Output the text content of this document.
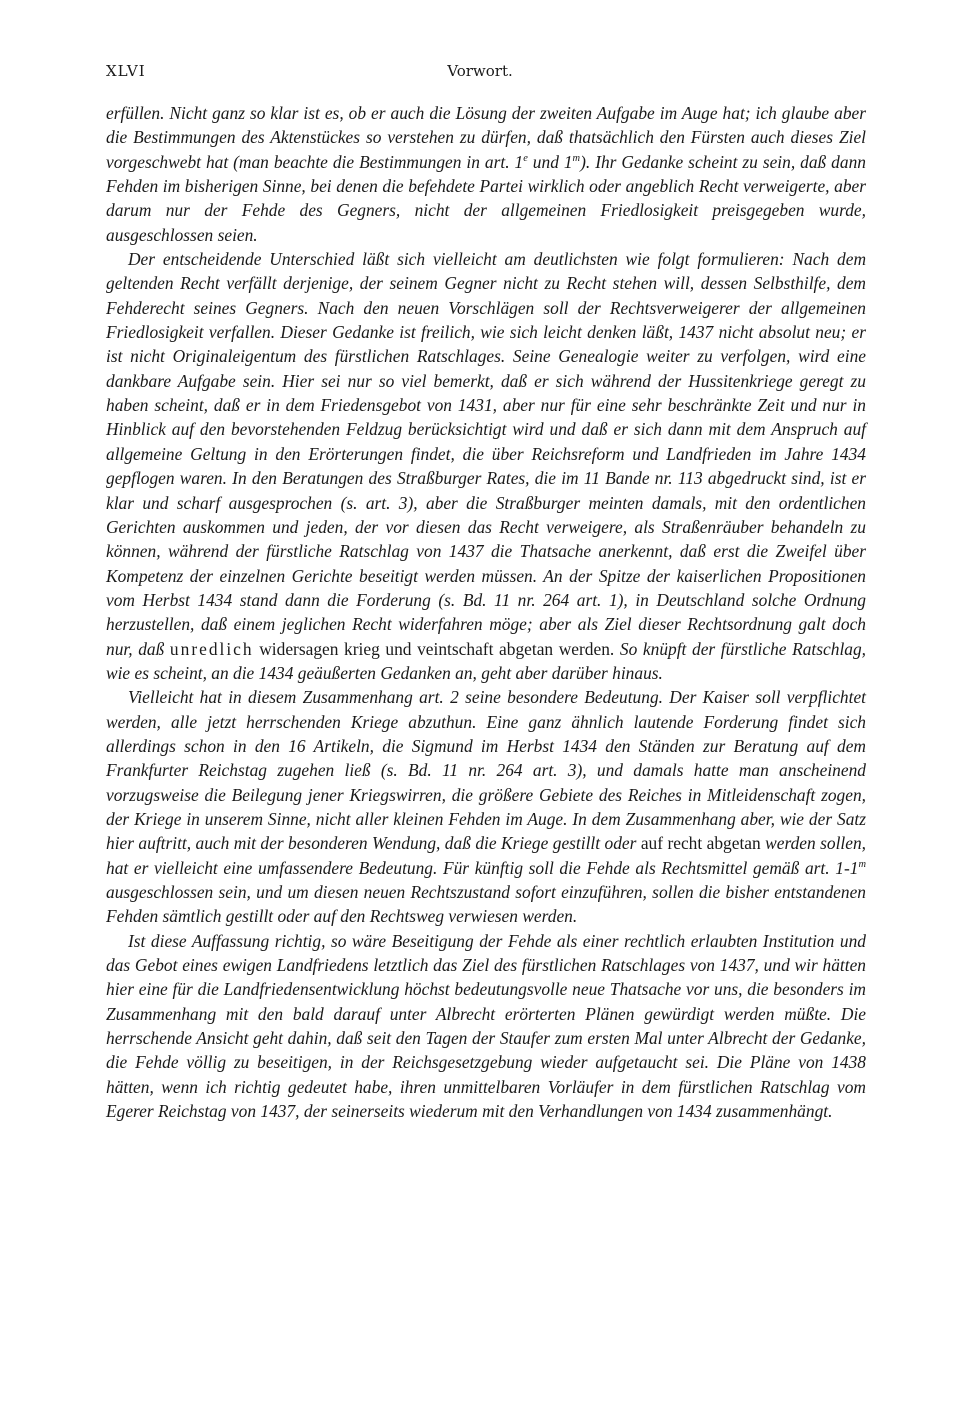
XLVI	Vorwort.

erfüllen. Nicht ganz so klar ist es, ob er auch die Lösung der zweiten Aufgabe im Auge hat; ich glaube aber die Bestimmungen des Aktenstückes so verstehen zu dürfen, daß thatsächlich den Fürsten auch dieses Ziel vorgeschwebt hat (man beachte die Bestimmungen in art. 1e und 1$^m$). Ihr Gedanke scheint zu sein, daß dann Fehden im bisherigen Sinne, bei denen die befehdete Partei wirklich oder angeblich Recht verweigerte, aber darum nur der Fehde des Gegners, nicht der allgemeinen Friedlosigkeit preisgegeben wurde, ausgeschlossen seien.

Der entscheidende Unterschied läßt sich vielleicht am deutlichsten wie folgt formulieren: Nach dem geltenden Recht verfällt derjenige, der seinem Gegner nicht zu Recht stehen will, dessen Selbsthilfe, dem Fehderecht seines Gegners. Nach den neuen Vorschlägen soll der Rechtsverweigerer der allgemeinen Friedlosigkeit verfallen. Dieser Gedanke ist freilich, wie sich leicht denken läßt, 1437 nicht absolut neu; er ist nicht Originaleigentum des fürstlichen Ratschlages. Seine Genealogie weiter zu verfolgen, wird eine dankbare Aufgabe sein. Hier sei nur so viel bemerkt, daß er sich während der Hussitenkriege geregt zu haben scheint, daß er in dem Friedensgebot von 1431, aber nur für eine sehr beschränkte Zeit und nur in Hinblick auf den bevorstehenden Feldzug berücksichtigt wird und daß er sich dann mit dem Anspruch auf allgemeine Geltung in den Erörterungen findet, die über Reichsreform und Landfrieden im Jahre 1434 gepflogen waren. In den Beratungen des Straßburger Rates, die im 11 Bande nr. 113 abgedruckt sind, ist er klar und scharf ausgesprochen (s. art. 3), aber die Straßburger meinten damals, mit den ordentlichen Gerichten auskommen und jeden, der vor diesen das Recht verweigere, als Straßenräuber behandeln zu können, während der fürstliche Ratschlag von 1437 die Thatsache anerkennt, daß erst die Zweifel über Kompetenz der einzelnen Gerichte beseitigt werden müssen. An der Spitze der kaiserlichen Propositionen vom Herbst 1434 stand dann die Forderung (s. Bd. 11 nr. 264 art. 1), in Deutschland solche Ordnung herzustellen, daß einem jeglichen Recht widerfahren möge; aber als Ziel dieser Rechtsordnung galt doch nur, daß unredlich widersagen krieg und veintschaft abgetan werden. So knüpft der fürstliche Ratschlag, wie es scheint, an die 1434 geäußerten Gedanken an, geht aber darüber hinaus.

Vielleicht hat in diesem Zusammenhang art. 2 seine besondere Bedeutung. Der Kaiser soll verpflichtet werden, alle jetzt herrschenden Kriege abzuthun. Eine ganz ähnlich lautende Forderung findet sich allerdings schon in den 16 Artikeln, die Sigmund im Herbst 1434 den Ständen zur Beratung auf dem Frankfurter Reichstag zugehen ließ (s. Bd. 11 nr. 264 art. 3), und damals hatte man anscheinend vorzugsweise die Beilegung jener Kriegswirren, die größere Gebiete des Reiches in Mitleidenschaft zogen, der Kriege in unserem Sinne, nicht aller kleinen Fehden im Auge. In dem Zusammenhang aber, wie der Satz hier auftritt, auch mit der besonderen Wendung, daß die Kriege gestillt oder auf recht abgetan werden sollen, hat er vielleicht eine umfassendere Bedeutung. Für künftig soll die Fehde als Rechtsmittel gemäß art. 1-1$^m$ ausgeschlossen sein, und um diesen neuen Rechtszustand sofort einzuführen, sollen die bisher entstandenen Fehden sämtlich gestillt oder auf den Rechtsweg verwiesen werden.

Ist diese Auffassung richtig, so wäre Beseitigung der Fehde als einer rechtlich erlaubten Institution und das Gebot eines ewigen Landfriedens letztlich das Ziel des fürstlichen Ratschlages von 1437, und wir hätten hier eine für die Landfriedensentwicklung höchst bedeutungsvolle neue Thatsache vor uns, die besonders im Zusammenhang mit den bald darauf unter Albrecht erörterten Plänen gewürdigt werden müßte. Die herrschende Ansicht geht dahin, daß seit den Tagen der Staufer zum ersten Mal unter Albrecht der Gedanke, die Fehde völlig zu beseitigen, in der Reichsgesetzgebung wieder aufgetaucht sei. Die Pläne von 1438 hätten, wenn ich richtig gedeutet habe, ihren unmittelbaren Vorläufer in dem fürstlichen Ratschlag vom Egerer Reichstag von 1437, der seinerseits wiederum mit den Verhandlungen von 1434 zusammenhängt.
